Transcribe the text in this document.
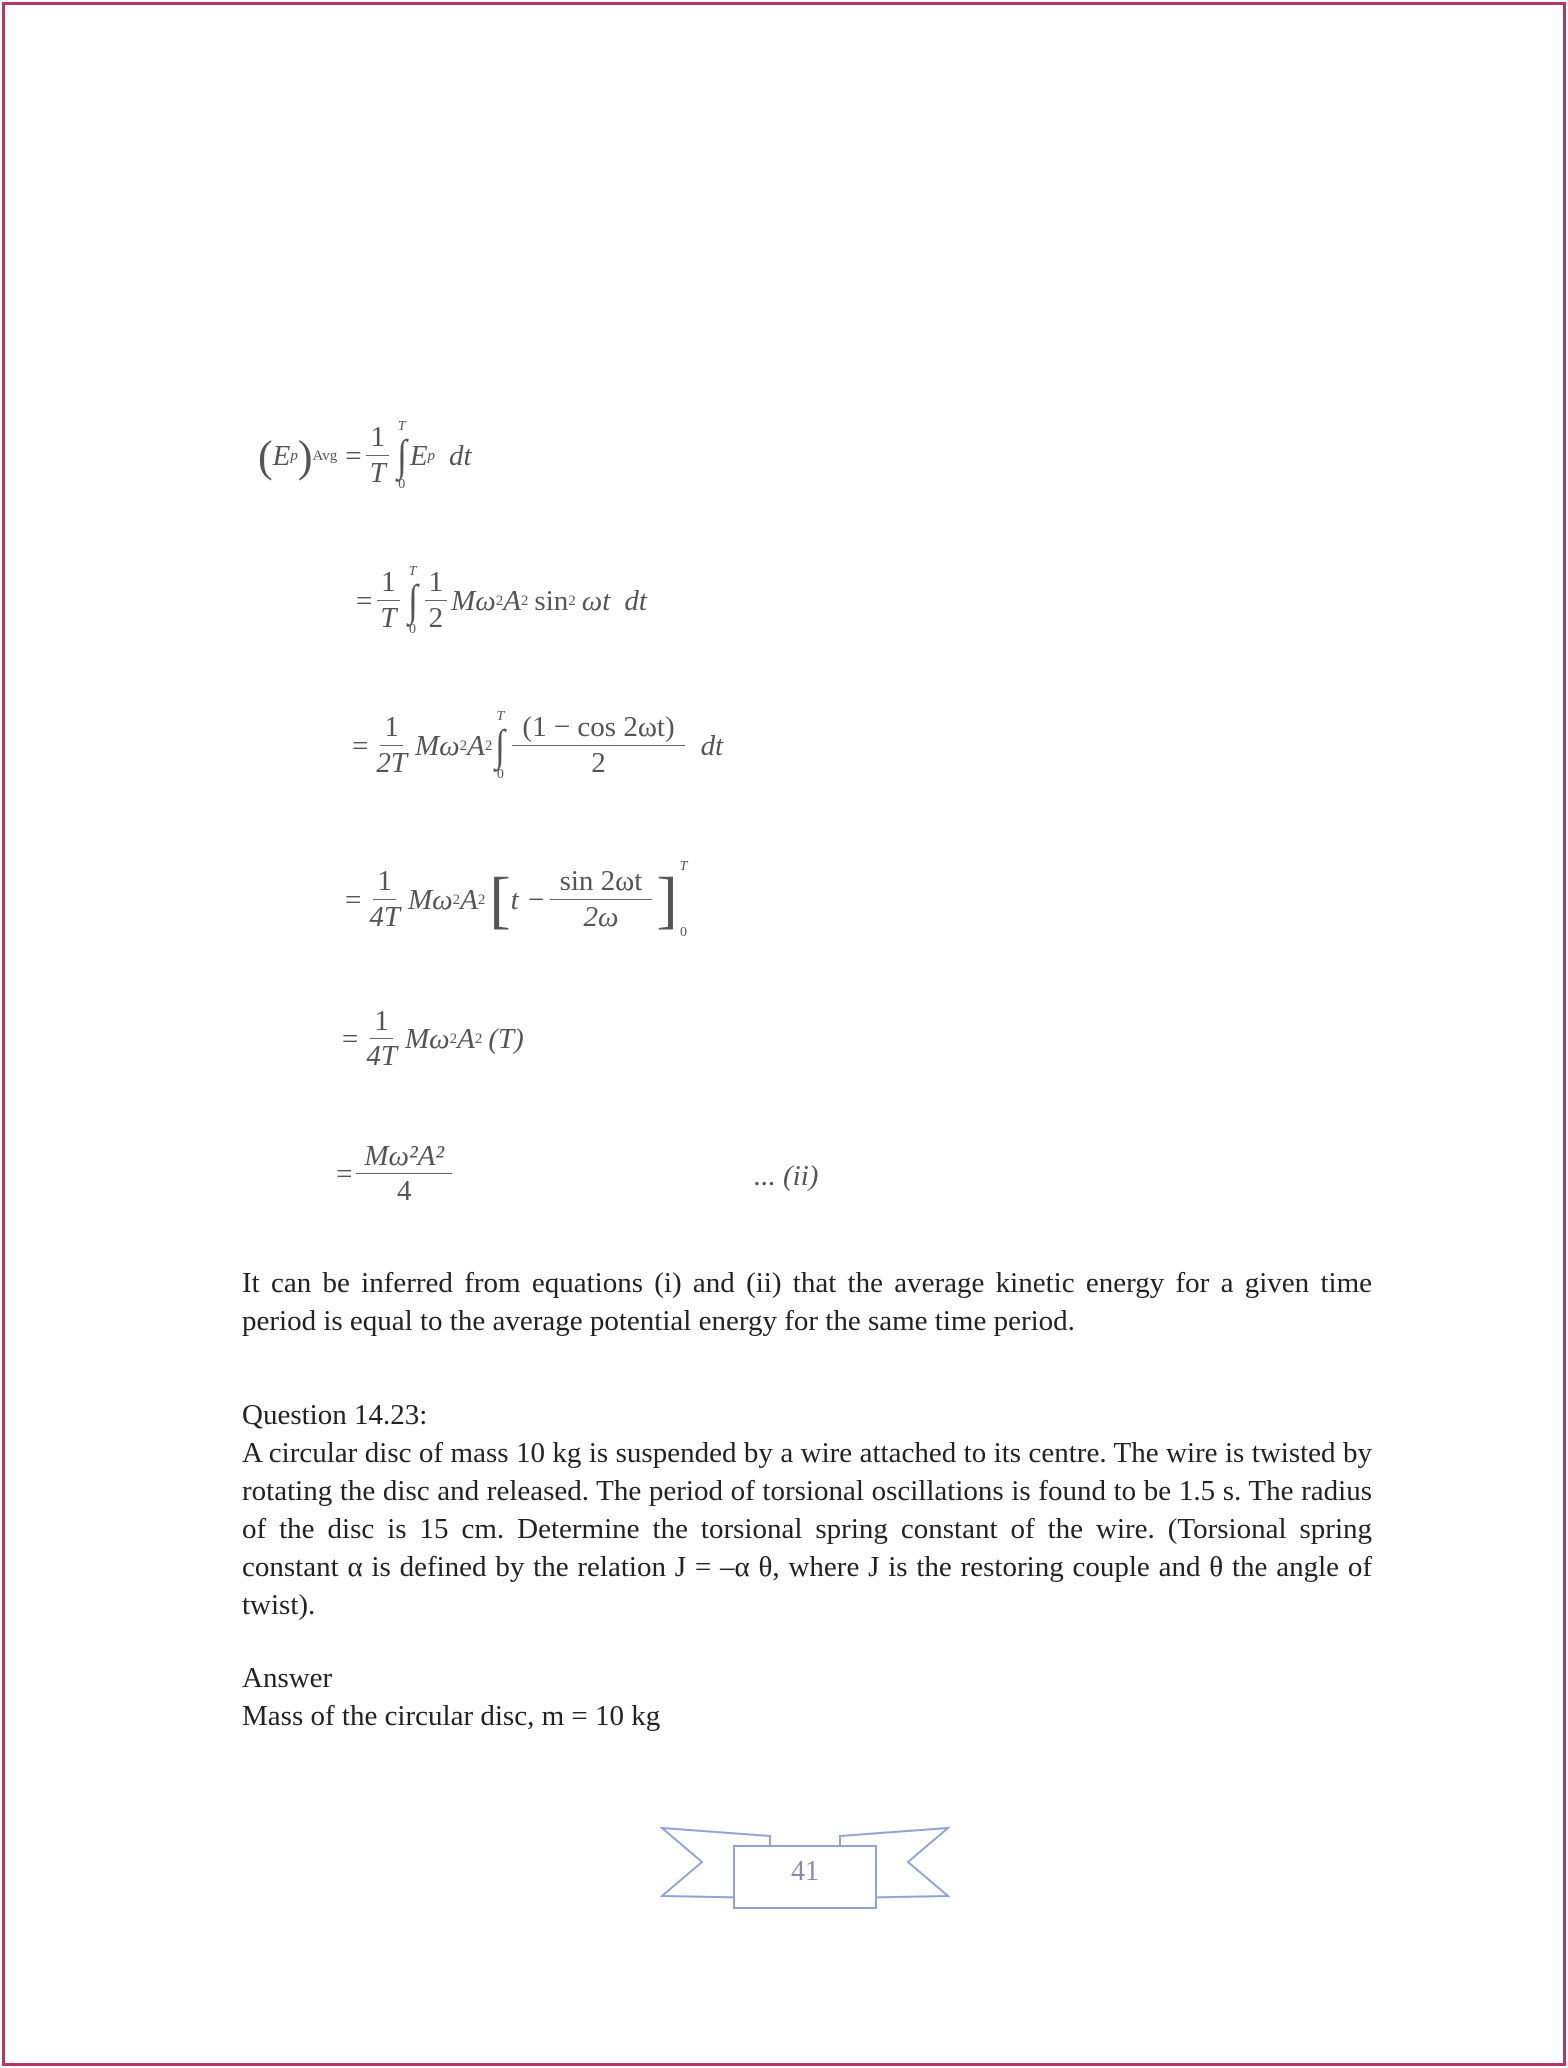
( E p ) Avg = $\frac{1}{T}$ T
∫
0
E p dt
= $\frac{1}{T}$ T
∫
$0 \frac{1}{2}$ Mω 2 A 2 sin 2 ωt dt
= $\frac{1}{2T}$ Mω 2 A 2
T
∫
$0 \frac{(1 - \cos 2\omega t)}{2}$ dt
= $\frac{1}{4T}$ Mω 2 A 2 [ $t - \frac{\sin 2\omega t}{2\omega}$ ] T
0
= $\frac{1}{4T}$ Mω 2 A 2 (T)
= $\frac{\text{Mω²A²}}{4}$	... (ii)
It can be inferred from equations (i) and (ii) that the average kinetic energy for a given time period is equal to the average potential energy for the same time period.
Question 14.23:
A circular disc of mass 10 kg is suspended by a wire attached to its centre. The wire is twisted by rotating the disc and released. The period of torsional oscillations is found to be 1.5 s. The radius of the disc is 15 cm. Determine the torsional spring constant of the wire. (Torsional spring constant α is defined by the relation J = –α θ, where J is the restoring couple and θ the angle of twist).
Answer
Mass of the circular disc, m = 10 kg
41
